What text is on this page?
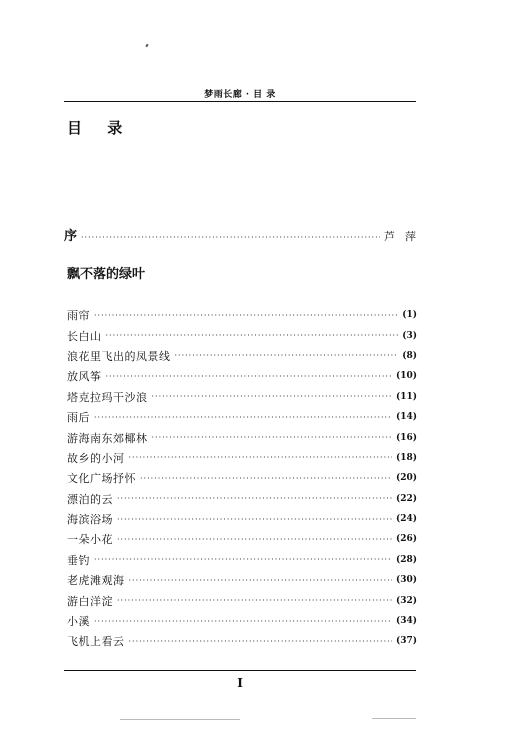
梦雨长廊 · 目 录
目 录
序 ·····	芦萍
飘不落的绿叶
雨帘 ·····	(1)
长白山 ·····	(3)
浪花里飞出的凤景线 ·····	(8)
放风筝 ·····	(10)
塔克拉玛干沙浪 ·····	(11)
雨后 ·····	(14)
游海南东郊椰林 ·····	(16)
故乡的小河 ·····	(18)
文化广场抒怀 ·····	(20)
漂泊的云 ·····	(22)
海滨浴场 ·····	(24)
一朵小花 ·····	(26)
垂钓 ·····	(28)
老虎滩观海 ·····	(30)
游白洋淀 ·····	(32)
小溪 ·····	(34)
飞机上看云 ·····	(37)
I
